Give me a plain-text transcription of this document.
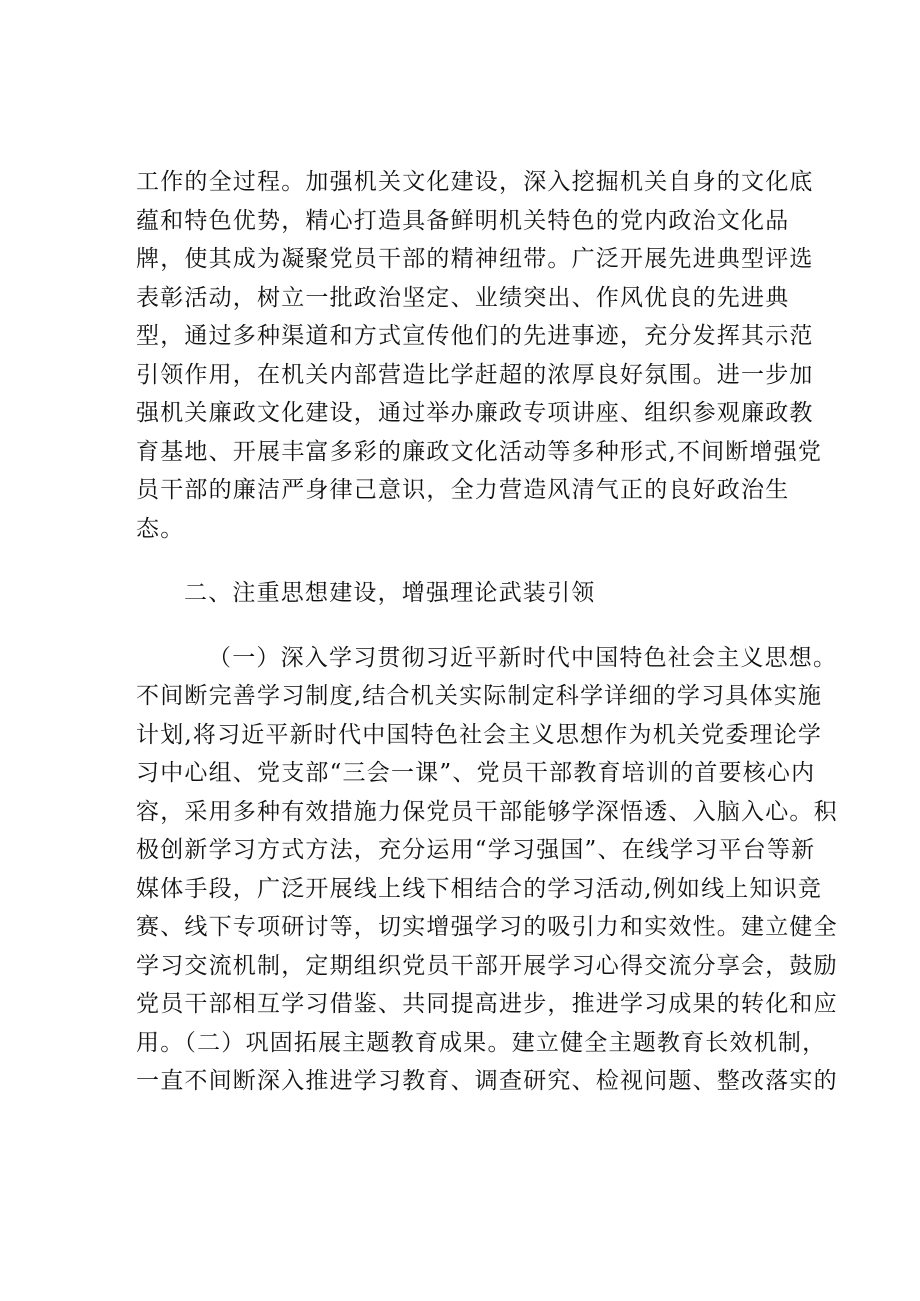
工作的全过程。加强机关文化建设，深入挖掘机关自身的文化底
蕴和特色优势，精心打造具备鲜明机关特色的党内政治文化品
牌，使其成为凝聚党员干部的精神纽带。广泛开展先进典型评选
表彰活动，树立一批政治坚定、业绩突出、作风优良的先进典
型，通过多种渠道和方式宣传他们的先进事迹，充分发挥其示范
引领作用，在机关内部营造比学赶超的浓厚良好氛围。进一步加
强机关廉政文化建设，通过举办廉政专项讲座、组织参观廉政教
育基地、开展丰富多彩的廉政文化活动等多种形式,不间断增强党
员干部的廉洁严身律己意识，全力营造风清气正的良好政治生
态。
二、注重思想建设，增强理论武装引领
（一）深入学习贯彻习近平新时代中国特色社会主义思想。
不间断完善学习制度,结合机关实际制定科学详细的学习具体实施
计划,将习近平新时代中国特色社会主义思想作为机关党委理论学
习中心组、党支部“三会一课”、党员干部教育培训的首要核心内
容，采用多种有效措施力保党员干部能够学深悟透、入脑入心。积
极创新学习方式方法，充分运用“学习强国”、在线学习平台等新
媒体手段，广泛开展线上线下相结合的学习活动,例如线上知识竞
赛、线下专项研讨等，切实增强学习的吸引力和实效性。建立健全
学习交流机制，定期组织党员干部开展学习心得交流分享会，鼓励
党员干部相互学习借鉴、共同提高进步，推进学习成果的转化和应
用。（二）巩固拓展主题教育成果。建立健全主题教育长效机制，
一直不间断深入推进学习教育、调查研究、检视问题、整改落实的
